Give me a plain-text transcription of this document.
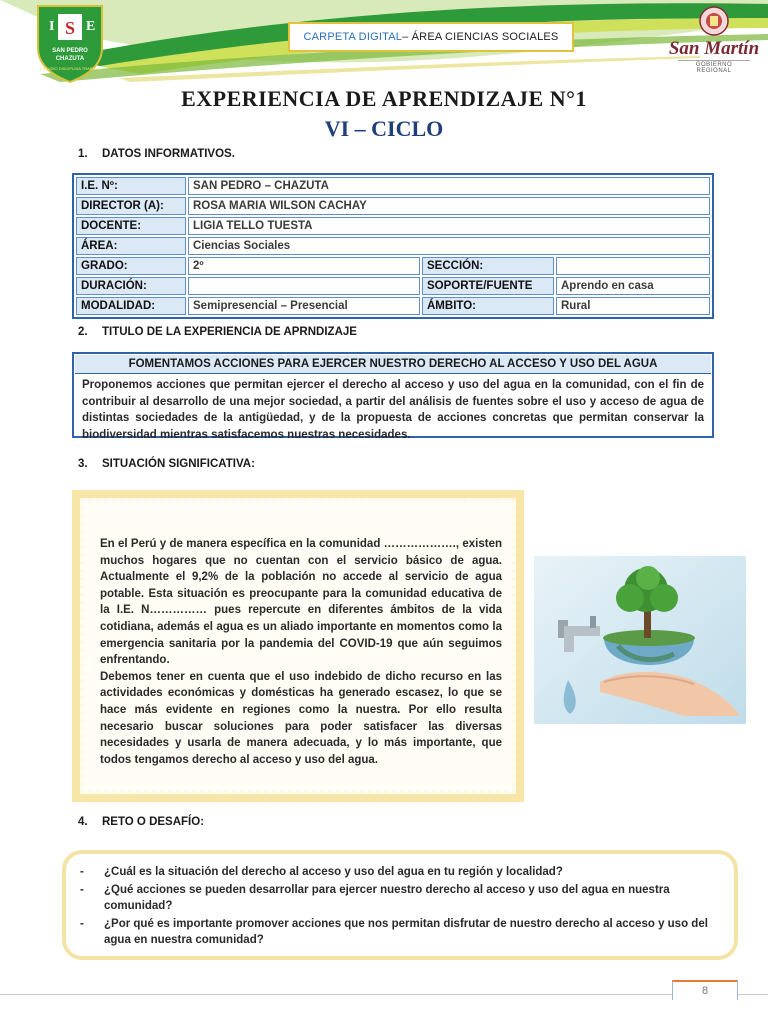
I E
S
SAN PEDRO
CHAZUTA
ESTUDIO DISCIPLINA TRABAJO
CARPETA DIGITAL – ÁREA CIENCIAS SOCIALES
San Martín
GOBIERNO REGIONAL
EXPERIENCIA DE APRENDIZAJE N°1
VI – CICLO
1. DATOS INFORMATIVOS.
I.E. Nº:	SAN PEDRO – CHAZUTA		
DIRECTOR (A):	ROSA MARIA WILSON CACHAY		
DOCENTE:	LIGIA TELLO TUESTA		
ÁREA:	Ciencias Sociales		
GRADO:	2º	SECCIÓN:	
DURACIÓN:		SOPORTE/FUENTE	Aprendo en casa
MODALIDAD:	Semipresencial – Presencial	ÁMBITO:	Rural
2. TITULO DE LA EXPERIENCIA DE APRNDIZAJE
FOMENTAMOS ACCIONES PARA EJERCER NUESTRO DERECHO AL ACCESO Y USO DEL AGUA
Proponemos acciones que permitan ejercer el derecho al acceso y uso del agua en la comunidad, con el fin de contribuir al desarrollo de una mejor sociedad, a partir del análisis de fuentes sobre el uso y acceso de agua de distintas sociedades de la antigüedad, y de la propuesta de acciones concretas que permitan conservar la biodiversidad mientras satisfacemos nuestras necesidades.
3. SITUACIÓN SIGNIFICATIVA:

En el Perú y de manera específica en la comunidad ………………., existen muchos hogares que no cuentan con el servicio básico de agua. Actualmente el 9,2% de la población no accede al servicio de agua potable. Esta situación es preocupante para la comunidad educativa de la I.E. N…………… pues repercute en diferentes ámbitos de la vida cotidiana, además el agua es un aliado importante en momentos como la emergencia sanitaria por la pandemia del COVID-19 que aún seguimos enfrentando.

Debemos tener en cuenta que el uso indebido de dicho recurso en las actividades económicas y domésticas ha generado escasez, lo que se hace más evidente en regiones como la nuestra. Por ello resulta necesario buscar soluciones para poder satisfacer las diversas necesidades y usarla de manera adecuada, y lo más importante, que todos tengamos derecho al acceso y uso del agua.

4. RETO O DESAFÍO:
-	¿Cuál es la situación del derecho al acceso y uso del agua en tu región y localidad?
-	¿Qué acciones se pueden desarrollar para ejercer nuestro derecho al acceso y uso del agua en nuestra comunidad?
-	¿Por qué es importante promover acciones que nos permitan disfrutar de nuestro derecho al acceso y uso del agua en nuestra comunidad?
8
